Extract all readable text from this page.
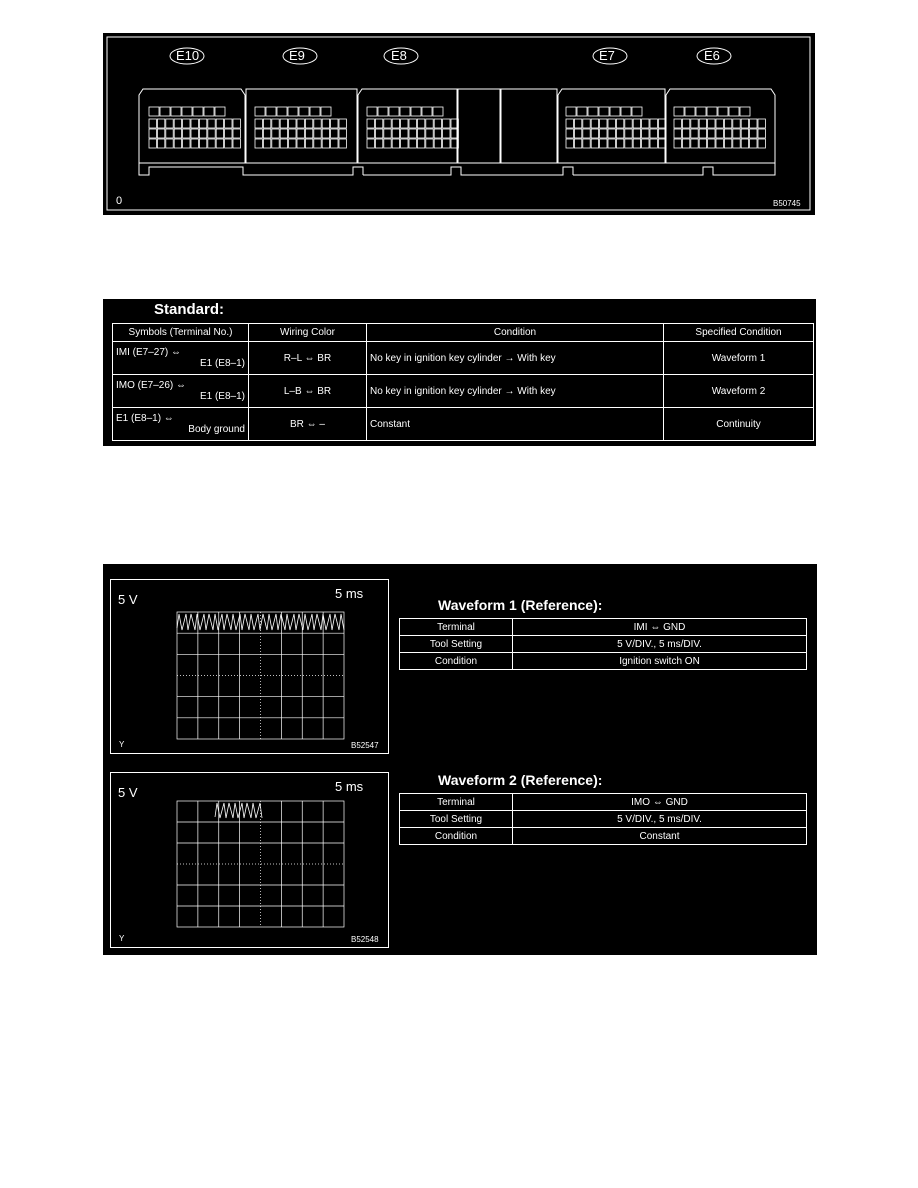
E10	E9	E8	E7	E6
0	B50745
Standard:
Symbols (Terminal No.)	Wiring Color	Condition	Specified Condition

IMI (E7–27) ⇔
E1 (E8–1)	R–L ⇔ BR	No key in ignition key cylinder → With key	Waveform 1

IMO (E7–26) ⇔
E1 (E8–1)	L–B ⇔ BR	No key in ignition key cylinder → With key	Waveform 2

E1 (E8–1) ⇔
Body ground	BR ⇔ –	Constant	Continuity
5 V	5 ms
Y	B52547
Waveform 1 (Reference):
Terminal	IMI ⇔ GND
Tool Setting	5 V/DIV., 5 ms/DIV.
Condition	Ignition switch ON
5 V	5 ms
Y	B52548
Waveform 2 (Reference):
Terminal	IMO ⇔ GND
Tool Setting	5 V/DIV., 5 ms/DIV.
Condition	Constant
